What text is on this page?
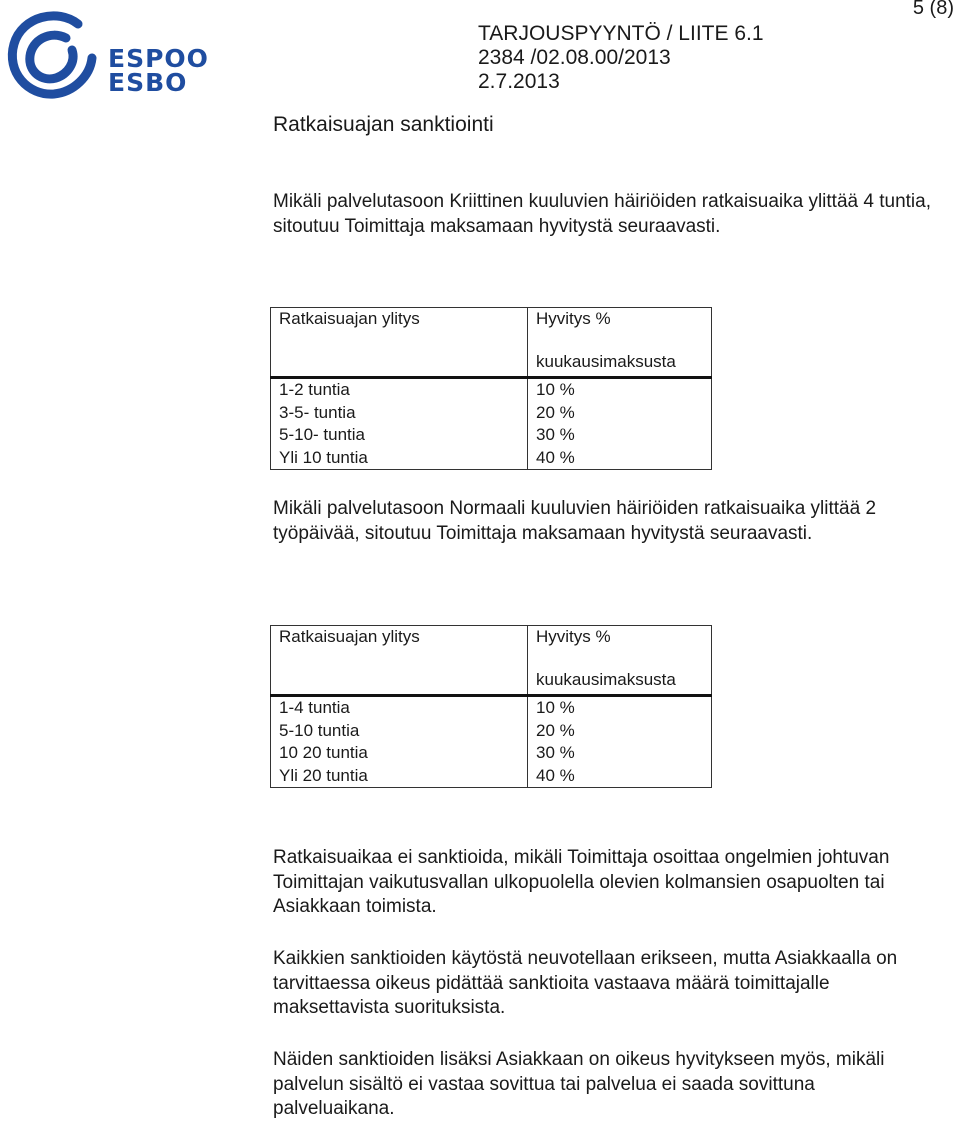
ESPOO
ESBO
TARJOUSPYYNTÖ / LIITE 6.1
2384 /02.08.00/2013
2.7.2013
5 (8)
Ratkaisuajan sanktiointi

Mikäli palvelutasoon Kriittinen kuuluvien häiriöiden ratkaisuaika ylittää 4 tuntia, sitoutuu Toimittaja maksamaan hyvitystä seuraavasti.

Ratkaisuajan ylitys	Hyvitys %
kuukausimaksusta

1-2 tuntia	10 %
3-5- tuntia	20 %
5-10- tuntia	30 %
Yli 10 tuntia	40 %

Mikäli palvelutasoon Normaali kuuluvien häiriöiden ratkaisuaika ylittää 2 työpäivää, sitoutuu Toimittaja maksamaan hyvitystä seuraavasti.

Ratkaisuajan ylitys	Hyvitys %
kuukausimaksusta

1-4 tuntia	10 %
5-10 tuntia	20 %
10 20 tuntia	30 %
Yli 20 tuntia	40 %

Ratkaisuaikaa ei sanktioida, mikäli Toimittaja osoittaa ongelmien johtuvan Toimittajan vaikutusvallan ulkopuolella olevien kolmansien osapuolten tai Asiakkaan toimista.

Kaikkien sanktioiden käytöstä neuvotellaan erikseen, mutta Asiakkaalla on tarvittaessa oikeus pidättää sanktioita vastaava määrä toimittajalle maksettavista suorituksista.

Näiden sanktioiden lisäksi Asiakkaan on oikeus hyvitykseen myös, mikäli palvelun sisältö ei vastaa sovittua tai palvelua ei saada sovittuna palveluaikana.
